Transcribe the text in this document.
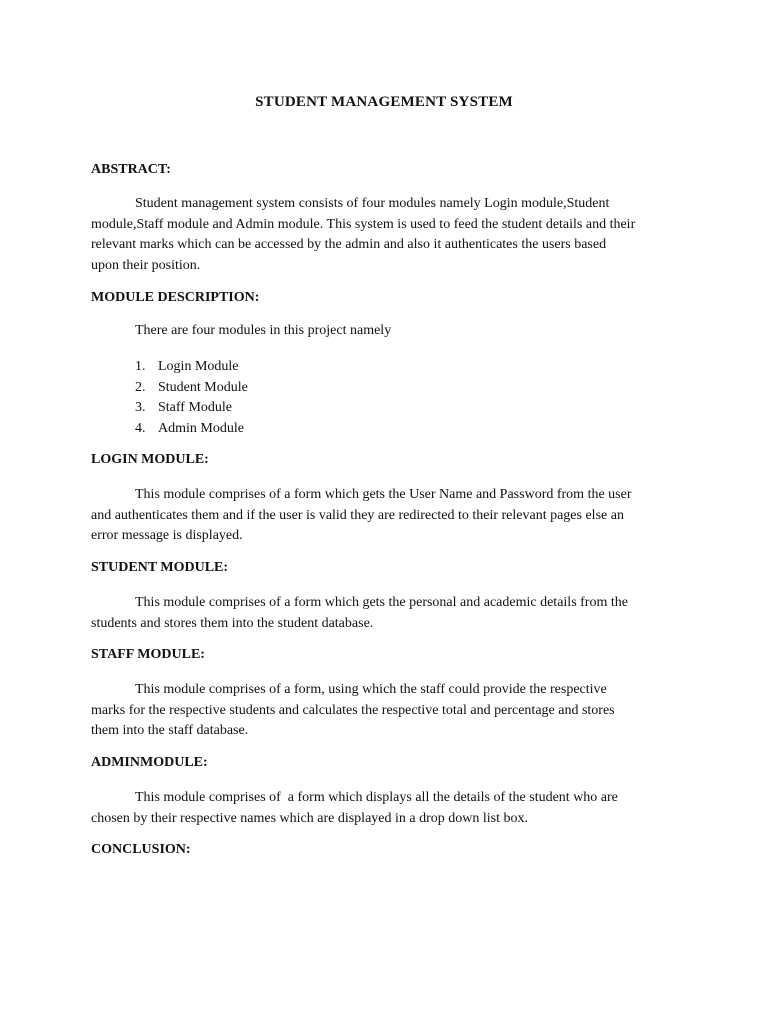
STUDENT MANAGEMENT SYSTEM
ABSTRACT:
Student management system consists of four modules namely Login module,Student
module,Staff module and Admin module. This system is used to feed the student details and their
relevant marks which can be accessed by the admin and also it authenticates the users based
upon their position.
MODULE DESCRIPTION:
There are four modules in this project namely
1. Login Module
2. Student Module
3. Staff Module
4. Admin Module
LOGIN MODULE:
This module comprises of a form which gets the User Name and Password from the user
and authenticates them and if the user is valid they are redirected to their relevant pages else an
error message is displayed.
STUDENT MODULE:
This module comprises of a form which gets the personal and academic details from the
students and stores them into the student database.
STAFF MODULE:
This module comprises of a form, using which the staff could provide the respective
marks for the respective students and calculates the respective total and percentage and stores
them into the staff database.
ADMINMODULE:
This module comprises of  a form which displays all the details of the student who are
chosen by their respective names which are displayed in a drop down list box.
CONCLUSION:
